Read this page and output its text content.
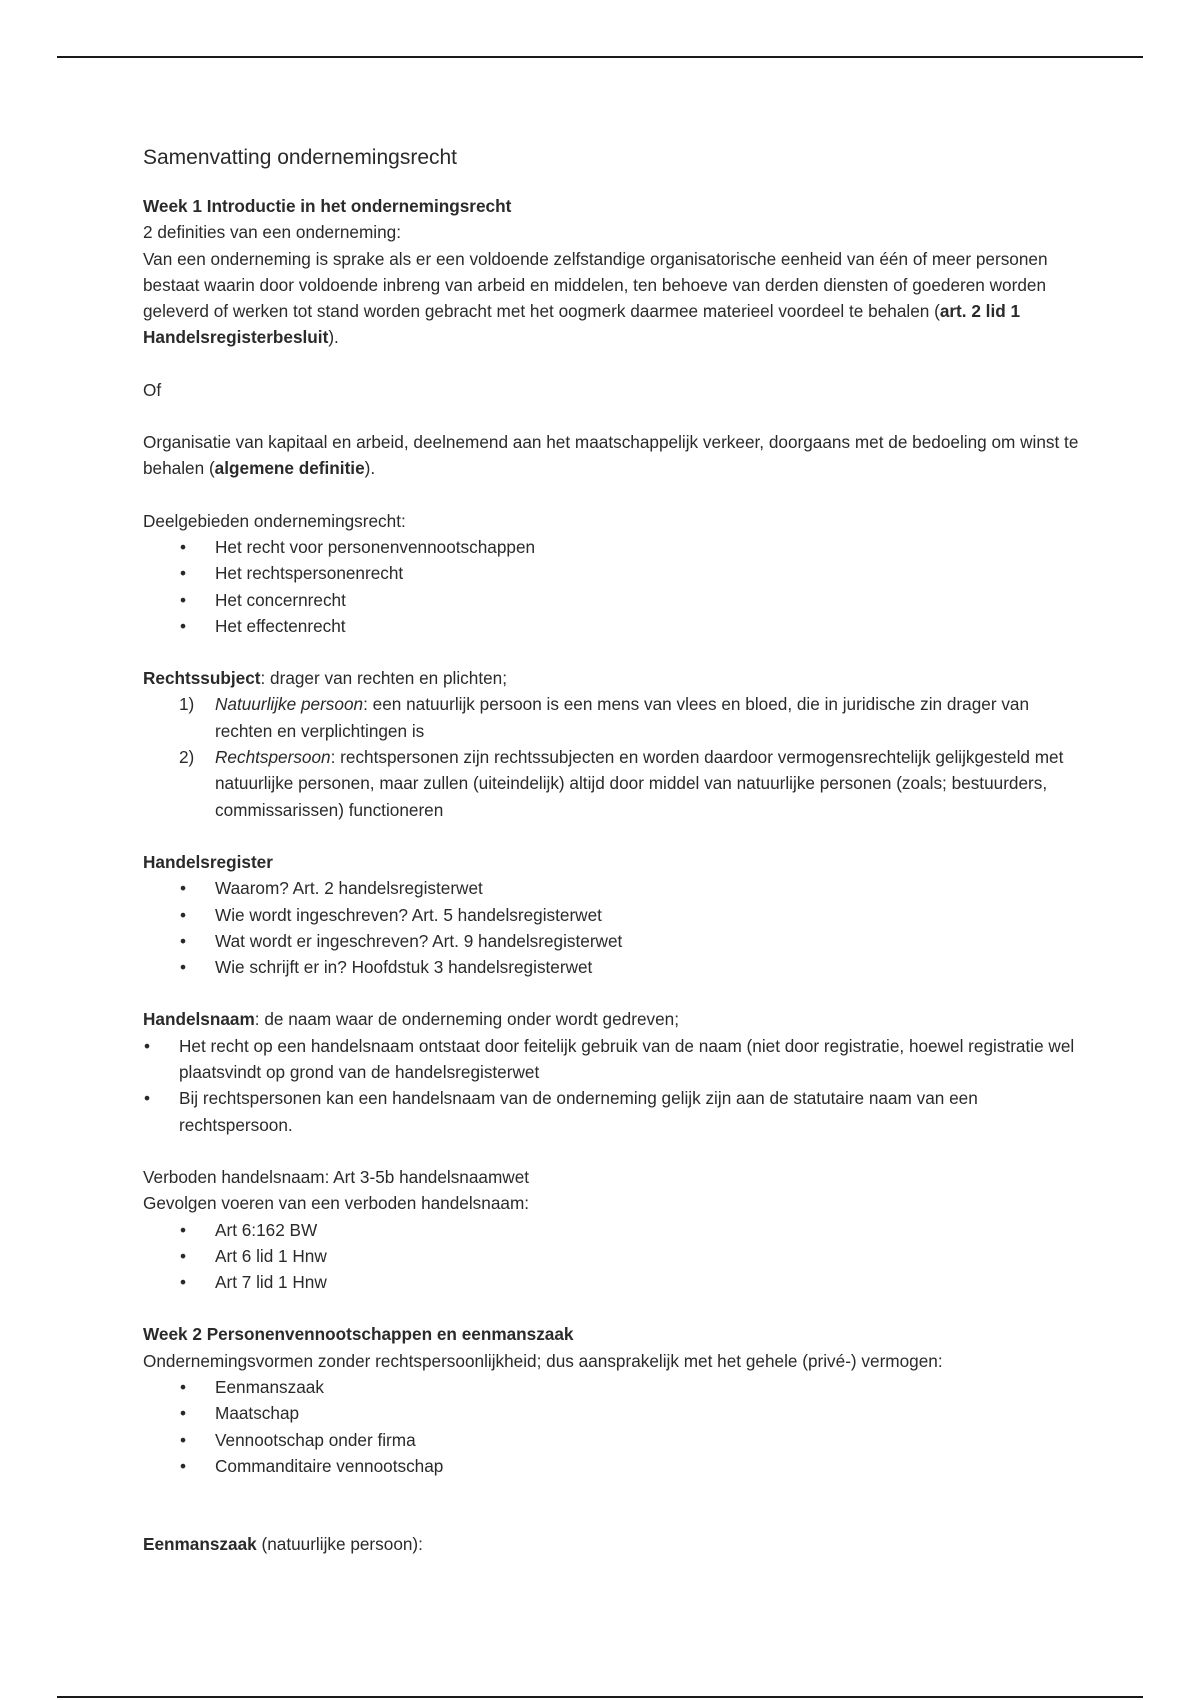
Samenvatting ondernemingsrecht

Week 1 Introductie in het ondernemingsrecht

2 definities van een onderneming:

Van een onderneming is sprake als er een voldoende zelfstandige organisatorische eenheid van één of meer personen bestaat waarin door voldoende inbreng van arbeid en middelen, ten behoeve van derden diensten of goederen worden geleverd of werken tot stand worden gebracht met het oogmerk daarmee materieel voordeel te behalen (art. 2 lid 1 Handelsregisterbesluit).

Of

Organisatie van kapitaal en arbeid, deelnemend aan het maatschappelijk verkeer, doorgaans met de bedoeling om winst te behalen (algemene definitie).

Deelgebieden ondernemingsrecht:

• Het recht voor personenvennootschappen
• Het rechtspersonenrecht
• Het concernrecht
• Het effectenrecht

Rechtssubject: drager van rechten en plichten;

1) Natuurlijke persoon: een natuurlijk persoon is een mens van vlees en bloed, die in juridische zin drager van rechten en verplichtingen is
2) Rechtspersoon: rechtspersonen zijn rechtssubjecten en worden daardoor vermogensrechtelijk gelijkgesteld met natuurlijke personen, maar zullen (uiteindelijk) altijd door middel van natuurlijke personen (zoals; bestuurders, commissarissen) functioneren

Handelsregister

• Waarom? Art. 2 handelsregisterwet
• Wie wordt ingeschreven? Art. 5 handelsregisterwet
• Wat wordt er ingeschreven? Art. 9 handelsregisterwet
• Wie schrijft er in? Hoofdstuk 3 handelsregisterwet

Handelsnaam: de naam waar de onderneming onder wordt gedreven;

• Het recht op een handelsnaam ontstaat door feitelijk gebruik van de naam (niet door registratie, hoewel registratie wel plaatsvindt op grond van de handelsregisterwet
• Bij rechtspersonen kan een handelsnaam van de onderneming gelijk zijn aan de statutaire naam van een rechtspersoon.

Verboden handelsnaam: Art 3-5b handelsnaamwet

Gevolgen voeren van een verboden handelsnaam:

• Art 6:162 BW
• Art 6 lid 1 Hnw
• Art 7 lid 1 Hnw

Week 2 Personenvennootschappen en eenmanszaak

Ondernemingsvormen zonder rechtspersoonlijkheid; dus aansprakelijk met het gehele (privé-) vermogen:

• Eenmanszaak
• Maatschap
• Vennootschap onder firma
• Commanditaire vennootschap

Eenmanszaak (natuurlijke persoon):
